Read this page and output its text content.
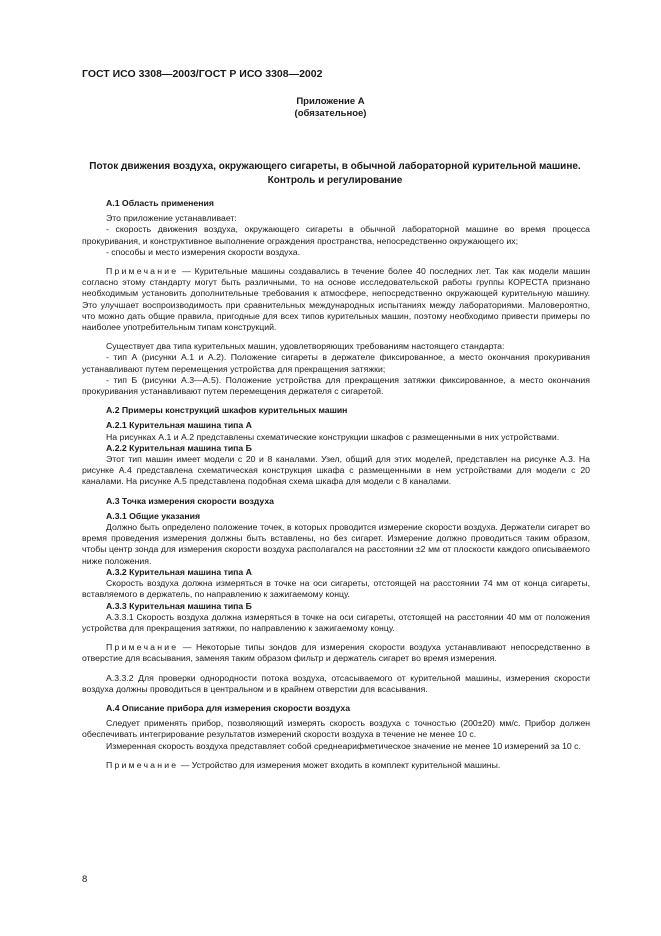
ГОСТ ИСО 3308—2003/ГОСТ Р ИСО 3308—2002
Приложение А
(обязательное)
Поток движения воздуха, окружающего сигареты, в обычной лабораторной курительной машине.
Контроль и регулирование

А.1 Область применения

Это приложение устанавливает:

- скорость движения воздуха, окружающего сигареты в обычной лабораторной машине во время процесса прокуривания, и конструктивное выполнение ограждения пространства, непосредственно окружающего их;

- способы и место измерения скорости воздуха.

Примечание — Курительные машины создавались в течение более 40 последних лет. Так как модели машин согласно этому стандарту могут быть различными, то на основе исследовательской работы группы КОРЕСТА признано необходимым установить дополнительные требования к атмосфере, непосредственно окружающей курительную машину. Это улучшает воспроизводимость при сравнительных международных испытаниях между лабораториями. Маловероятно, что можно дать общие правила, пригодные для всех типов курительных машин, поэтому необходимо привести примеры по наиболее употребительным типам конструкций.

Существует два типа курительных машин, удовлетворяющих требованиям настоящего стандарта:

- тип А (рисунки А.1 и А.2). Положение сигареты в держателе фиксированное, а место окончания прокуривания устанавливают путем перемещения устройства для прекращения затяжки;

- тип Б (рисунки А.3—А.5). Положение устройства для прекращения затяжки фиксированное, а место окончания прокуривания устанавливают путем перемещения держателя с сигаретой.

А.2 Примеры конструкций шкафов курительных машин

А.2.1 Курительная машина типа А

На рисунках А.1 и А.2 представлены схематические конструкции шкафов с размещенными в них устройствами.

А.2.2 Курительная машина типа Б

Этот тип машин имеет модели с 20 и 8 каналами. Узел, общий для этих моделей, представлен на рисунке А.3. На рисунке А.4 представлена схематическая конструкция шкафа с размещенными в нем устройствами для модели с 20 каналами. На рисунке А.5 представлена подобная схема шкафа для модели с 8 каналами.

А.3 Точка измерения скорости воздуха

А.3.1 Общие указания

Должно быть определено положение точек, в которых проводится измерение скорости воздуха. Держатели сигарет во время проведения измерения должны быть вставлены, но без сигарет. Измерение должно проводиться таким образом, чтобы центр зонда для измерения скорости воздуха располагался на расстоянии ±2 мм от плоскости каждого описываемого ниже положения.

А.3.2 Курительная машина типа А

Скорость воздуха должна измеряться в точке на оси сигареты, отстоящей на расстоянии 74 мм от конца сигареты, вставляемого в держатель, по направлению к зажигаемому концу.

А.3.3 Курительная машина типа Б

А.3.3.1 Скорость воздуха должна измеряться в точке на оси сигареты, отстоящей на расстоянии 40 мм от положения устройства для прекращения затяжки, по направлению к зажигаемому концу.

Примечание — Некоторые типы зондов для измерения скорости воздуха устанавливают непосредственно в отверстие для всасывания, заменяя таким образом фильтр и держатель сигарет во время измерения.

А.3.3.2 Для проверки однородности потока воздуха, отсасываемого от курительной машины, измерения скорости воздуха должны проводиться в центральном и в крайнем отверстии для всасывания.

А.4 Описание прибора для измерения скорости воздуха

Следует применять прибор, позволяющий измерять скорость воздуха с точностью (200±20) мм/с. Прибор должен обеспечивать интегрирование результатов измерений скорости воздуха в течение не менее 10 с.

Измеренная скорость воздуха представляет собой среднеарифметическое значение не менее 10 измерений за 10 с.

Примечание — Устройство для измерения может входить в комплект курительной машины.

8
